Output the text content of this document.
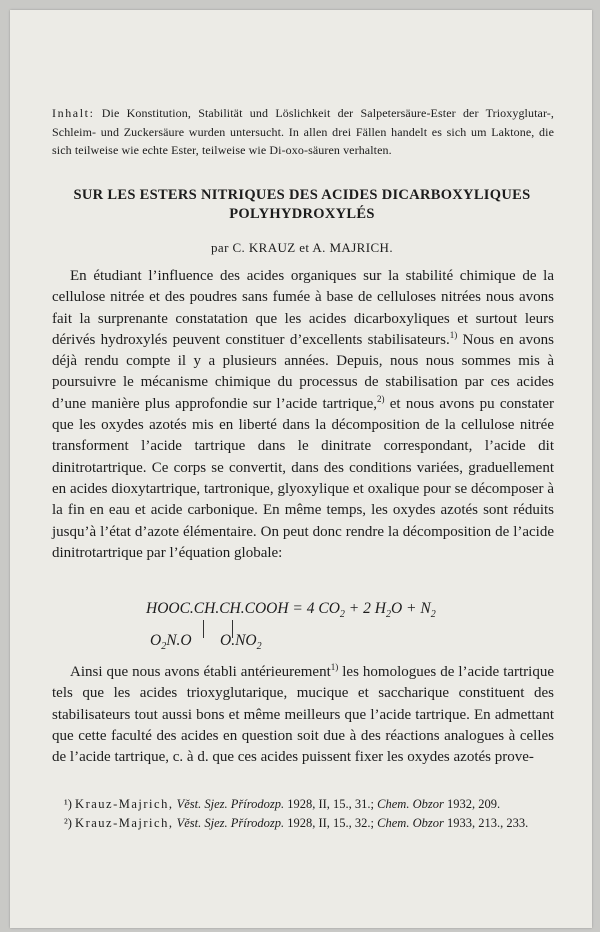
Inhalt: Die Konstitution, Stabilität und Löslichkeit der Salpetersäure-Ester der Trioxyglutar-, Schleim- und Zuckersäure wurden untersucht. In allen drei Fällen handelt es sich um Laktone, die sich teilweise wie echte Ester, teilweise wie Di-oxo-säuren verhalten.
SUR LES ESTERS NITRIQUES DES ACIDES DICARBOXYLIQUES
POLYHYDROXYLÉS
par C. KRAUZ et A. MAJRICH.

En étudiant l’influence des acides organiques sur la stabilité chimique de la cellulose nitrée et des poudres sans fumée à base de celluloses nitrées nous avons fait la surprenante constatation que les acides dicarboxyliques et surtout leurs dérivés hydroxylés peuvent constituer d’excellents stabilisateurs.$^{1)}$ Nous en avons déjà rendu compte il y a plusieurs années. Depuis, nous nous sommes mis à poursuivre le mécanisme chimique du processus de stabilisation par ces acides d’une manière plus approfondie sur l’acide tartrique,$^{2)}$ et nous avons pu constater que les oxydes azotés mis en liberté dans la décomposition de la cellulose nitrée transforment l’acide tartrique dans le dinitrate correspondant, l’acide dit dinitrotartrique. Ce corps se convertit, dans des conditions variées, graduellement en acides dioxytartrique, tartronique, glyoxylique et oxalique pour se décomposer à la fin en eau et acide carbonique. En même temps, les oxydes azotés sont réduits jusqu’à l’état d’azote élémentaire. On peut donc rendre la décomposition de l’acide dinitrotartrique par l’équation globale:

HOOC.CH.CH.COOH = 4 $CO_2 + 2$ $H_2O + N_2$
$O_2N.O$ $O.NO_2$

Ainsi que nous avons établi antérieurement$^{1)}$ les homologues de l’acide tartrique tels que les acides trioxyglutarique, mucique et saccharique constituent des stabilisateurs tout aussi bons et même meilleurs que l’acide tartrique. En admettant que cette faculté des acides en question soit due à des réactions analogues à celles de l’acide tartrique, c. à d. que ces acides puissent fixer les oxydes azotés prove-

¹) Krauz-Majrich, Věst. Sjez. Přírodozp. 1928, II, 15., 31.; Chem. Obzor 1932, 209.

²) Krauz-Majrich, Věst. Sjez. Přírodozp. 1928, II, 15., 32.; Chem. Obzor 1933, 213., 233.
